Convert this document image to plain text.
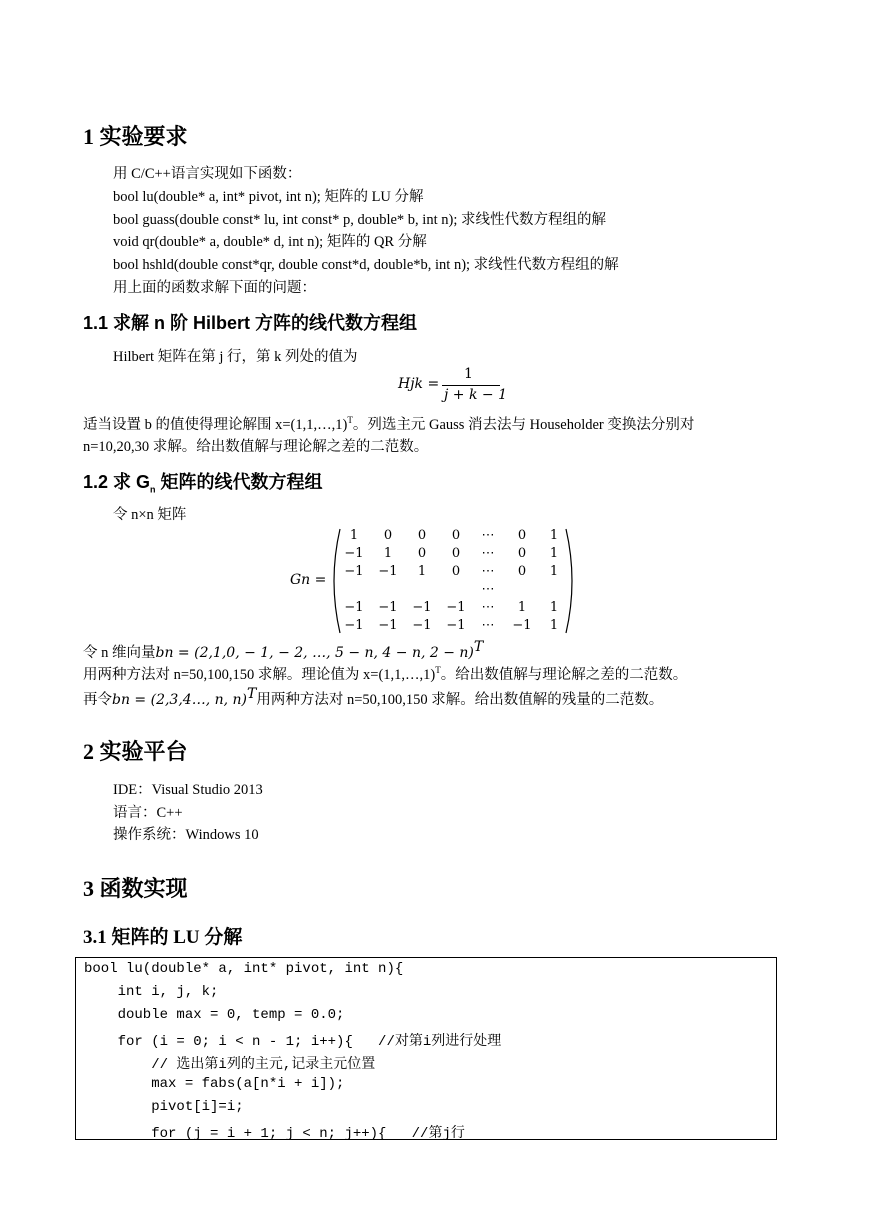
1 实验要求
用 C/C++语言实现如下函数：
bool lu(double* a, int* pivot, int n); 矩阵的 LU 分解
bool guass(double const* lu, int const* p, double* b, int n); 求线性代数方程组的解
void qr(double* a, double* d, int n); 矩阵的 QR 分解
bool hshld(double const*qr, double const*d, double*b, int n); 求线性代数方程组的解
用上面的函数求解下面的问题：
1.1 求解 n 阶 Hilbert 方阵的线代数方程组
Hilbert 矩阵在第 j 行，第 k 列处的值为
Hjk =
1
j + k − 1
适当设置 b 的值使得理论解围 x=(1,1,…,1)$^T$。列选主元 Gauss 消去法与 Householder 变换法分别对
n=10,20,30 求解。给出数值解与理论解之差的二范数。
1.2 求 $G_n$ 矩阵的线代数方程组
令 n×n 矩阵
Gn =
1	0	0	0	⋯	0	1
−1	1	0	0	⋯	0	1
−1 −1	1	0	⋯	0	1
⋯
−1 −1 −1 −1	⋯	1	1
−1 −1 −1 −1	⋯	−1	1
令 n 维向量bn = (2,1,0, − 1, − 2, …, 5 − n, 4 − n, 2 − n)$^T$
用两种方法对 n=50,100,150 求解。理论值为 x=(1,1,…,1)$^T$。给出数值解与理论解之差的二范数。
再令bn = (2,3,4…, n, n)$^T$用两种方法对 n=50,100,150 求解。给出数值解的残量的二范数。
2 实验平台
IDE：Visual Studio 2013
语言：C++
操作系统：Windows 10
3 函数实现
3.1 矩阵的 LU 分解
bool lu(double* a, int* pivot, int n){
int i, j, k;
double max = 0, temp = 0.0;
for (i = 0; i < n - 1; i++){   //对第i列进行处理
// 选出第i列的主元,记录主元位置
max = fabs(a[n*i + i]);
pivot[i]=i;
for (j = i + 1; j < n; j++){   //第j行
